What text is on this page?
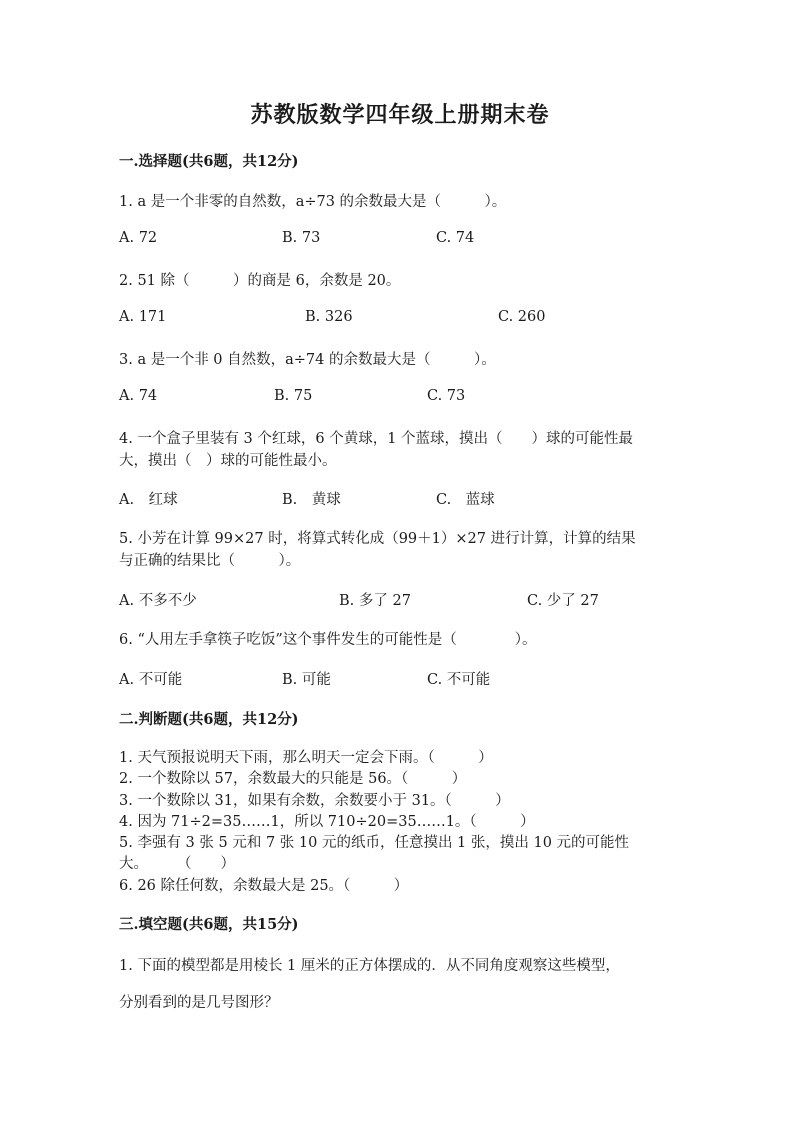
苏教版数学四年级上册期末卷
一.选择题(共6题，共12分)
1. a 是一个非零的自然数，a÷73 的余数最大是（　　　）。
A. 72	B. 73	C. 74
2. 51 除（　　　）的商是 6，余数是 20。
A. 171	B. 326	C. 260
3. a 是一个非 0 自然数，a÷74 的余数最大是（　　　）。
A. 74	B. 75	C. 73
4. 一个盒子里装有 3 个红球，6 个黄球，1 个蓝球，摸出（　　）球的可能性最
大，摸出（　）球的可能性最小。
A.　红球	B.　黄球	C.　蓝球
5. 小芳在计算 99×27 时，将算式转化成（99＋1）×27 进行计算，计算的结果
与正确的结果比（　　　）。
A. 不多不少	B. 多了 27	C. 少了 27
6. “人用左手拿筷子吃饭”这个事件发生的可能性是（　　　　）。
A. 不可能	B. 可能	C. 不可能
二.判断题(共6题，共12分)
1. 天气预报说明天下雨，那么明天一定会下雨。（　　　）
2. 一个数除以 57，余数最大的只能是 56。（　　　）
3. 一个数除以 31，如果有余数，余数要小于 31。（　　　）
4. 因为 71÷2=35……1，所以 710÷20=35……1。（　　　）
5. 李强有 3 张 5 元和 7 张 10 元的纸币，任意摸出 1 张，摸出 10 元的可能性
大。　　　（　　）
6. 26 除任何数，余数最大是 25。（　　　）
三.填空题(共6题，共15分)
1. 下面的模型都是用棱长 1 厘米的正方体摆成的．从不同角度观察这些模型，
分别看到的是几号图形？
